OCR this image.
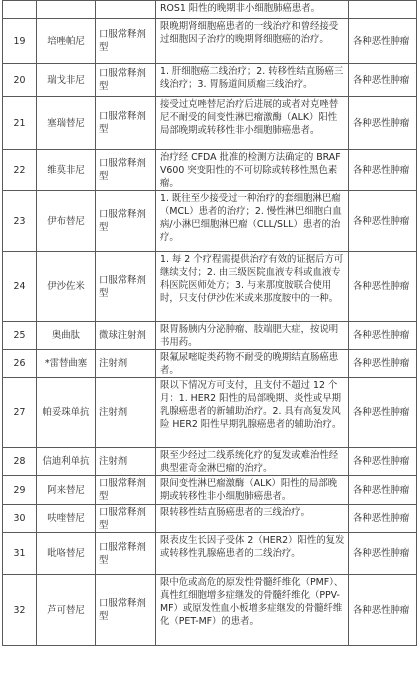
			ROS1 阳性的晚期非小细胞肺癌患者。	
19	培唑帕尼	口服常释剂型	限晚期肾细胞癌患者的一线治疗和曾经接受过细胞因子治疗的晚期肾细胞癌的治疗。	各种恶性肿瘤
20	瑞戈非尼	口服常释剂型	1. 肝细胞癌二线治疗；2. 转移性结直肠癌三线治疗；3. 胃肠道间质瘤三线治疗。	各种恶性肿瘤
21	塞瑞替尼	口服常释剂型	接受过克唑替尼治疗后进展的或者对克唑替尼不耐受的间变性淋巴瘤激酶（ALK）阳性局部晚期或转移性非小细胞肺癌患者。	各种恶性肿瘤
22	维莫非尼	口服常释剂型	治疗经 CFDA 批准的检测方法确定的 BRAF V600 突变阳性的不可切除或转移性黑色素瘤。	各种恶性肿瘤
23	伊布替尼	口服常释剂型	1. 既往至少接受过一种治疗的套细胞淋巴瘤（MCL）患者的治疗；2. 慢性淋巴细胞白血病/小淋巴细胞淋巴瘤（CLL/SLL）患者的治疗。	各种恶性肿瘤
24	伊沙佐米	口服常释剂型	1. 每 2 个疗程需提供治疗有效的证据后方可继续支付；2. 由三级医院血液专科或血液专科医院医师处方；3. 与来那度胺联合使用时，只支付伊沙佐米或来那度胺中的一种。	各种恶性肿瘤
25	奥曲肽	微球注射剂	限胃肠胰内分泌肿瘤、肢端肥大症，按说明书用药。	各种恶性肿瘤
26	*雷替曲塞	注射剂	限氟尿嘧啶类药物不耐受的晚期结直肠癌患者。	各种恶性肿瘤
27	帕妥珠单抗	注射剂	限以下情况方可支付，且支付不超过 12 个月：1. HER2 阳性的局部晚期、炎性或早期乳腺癌患者的新辅助治疗。2. 具有高复发风险 HER2 阳性早期乳腺癌患者的辅助治疗。	各种恶性肿瘤
28	信迪利单抗	注射剂	限至少经过二线系统化疗的复发或难治性经典型霍奇金淋巴瘤的治疗。	各种恶性肿瘤
29	阿来替尼	口服常释剂型	限间变性淋巴瘤激酶（ALK）阳性的局部晚期或转移性非小细胞肺癌患者。	各种恶性肿瘤
30	呋喹替尼	口服常释剂型	限转移性结直肠癌患者的三线治疗。	各种恶性肿瘤
31	吡咯替尼	口服常释剂型	限表皮生长因子受体 2（HER2）阳性的复发或转移性乳腺癌患者的二线治疗。	各种恶性肿瘤
32	芦可替尼	口服常释剂型	限中危或高危的原发性骨髓纤维化（PMF）、真性红细胞增多症继发的骨髓纤维化（PPV-MF）或原发性血小板增多症继发的骨髓纤维化（PET-MF）的患者。	各种恶性肿瘤
